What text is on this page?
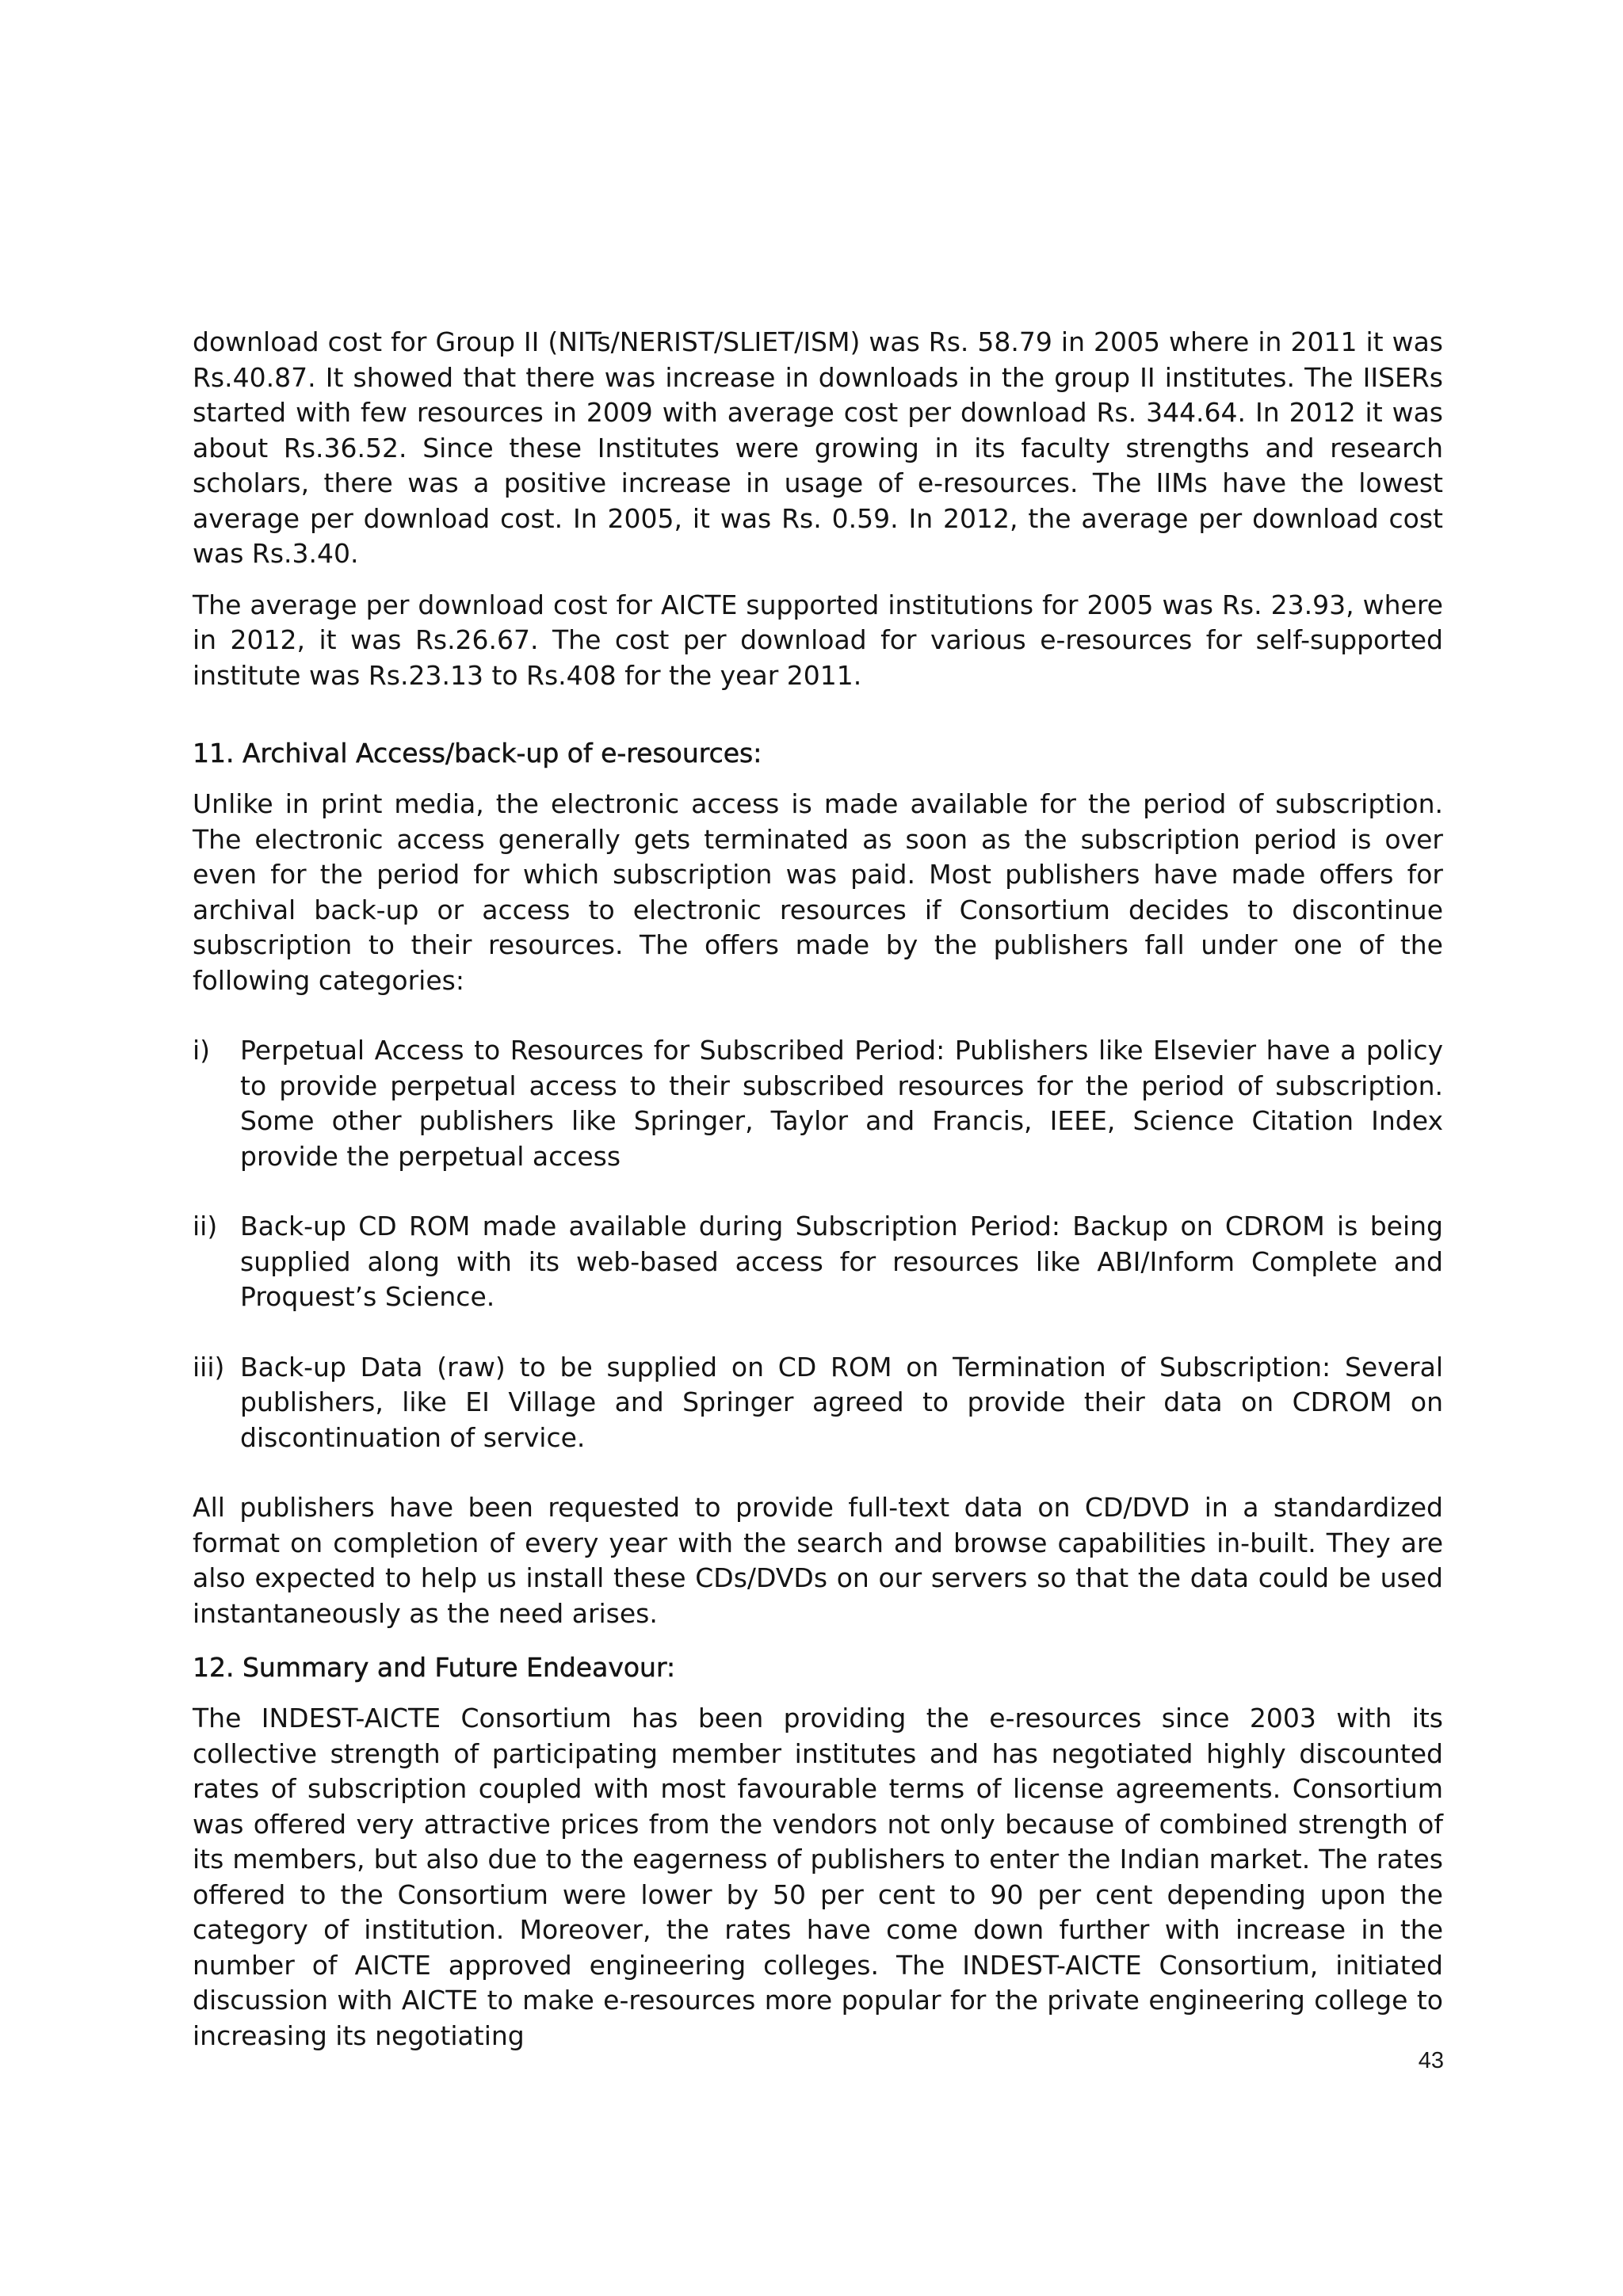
download cost for Group II (NITs/NERIST/SLIET/ISM) was Rs. 58.79 in 2005 where in 2011 it was Rs.40.87. It showed that there was increase in downloads in the group II institutes. The IISERs started with few resources in 2009 with average cost per download Rs. 344.64. In 2012 it was about Rs.36.52. Since these Institutes were growing in its faculty strengths and research scholars, there was a positive increase in usage of e-resources. The IIMs have the lowest average per download cost. In 2005, it was Rs. 0.59. In 2012, the average per download cost was Rs.3.40.

The average per download cost for AICTE supported institutions for 2005 was Rs. 23.93, where in 2012, it was Rs.26.67. The cost per download for various e-resources for self-supported institute was Rs.23.13 to Rs.408 for the year 2011.

11. Archival Access/back-up of e-resources:

Unlike in print media, the electronic access is made available for the period of subscription. The electronic access generally gets terminated as soon as the subscription period is over even for the period for which subscription was paid. Most publishers have made offers for archival back-up or access to electronic resources if Consortium decides to discontinue subscription to their resources. The offers made by the publishers fall under one of the following categories:

i) Perpetual Access to Resources for Subscribed Period: Publishers like Elsevier have a policy to provide perpetual access to their subscribed resources for the period of subscription. Some other publishers like Springer, Taylor and Francis, IEEE, Science Citation Index provide the perpetual access

ii) Back-up CD ROM made available during Subscription Period: Backup on CDROM is being supplied along with its web-based access for resources like ABI/Inform Complete and Proquest’s Science.

iii) Back-up Data (raw) to be supplied on CD ROM on Termination of Subscription: Several publishers, like EI Village and Springer agreed to provide their data on CDROM on discontinuation of service.

All publishers have been requested to provide full-text data on CD/DVD in a standardized format on completion of every year with the search and browse capabilities in-built. They are also expected to help us install these CDs/DVDs on our servers so that the data could be used instantaneously as the need arises.

12. Summary and Future Endeavour:

The INDEST-AICTE Consortium has been providing the e-resources since 2003 with its collective strength of participating member institutes and has negotiated highly discounted rates of subscription coupled with most favourable terms of license agreements. Consortium was offered very attractive prices from the vendors not only because of combined strength of its members, but also due to the eagerness of publishers to enter the Indian market. The rates offered to the Consortium were lower by 50 per cent to 90 per cent depending upon the category of institution. Moreover, the rates have come down further with increase in the number of AICTE approved engineering colleges. The INDEST-AICTE Consortium, initiated discussion with AICTE to make e-resources more popular for the private engineering college to increasing its negotiating

43
